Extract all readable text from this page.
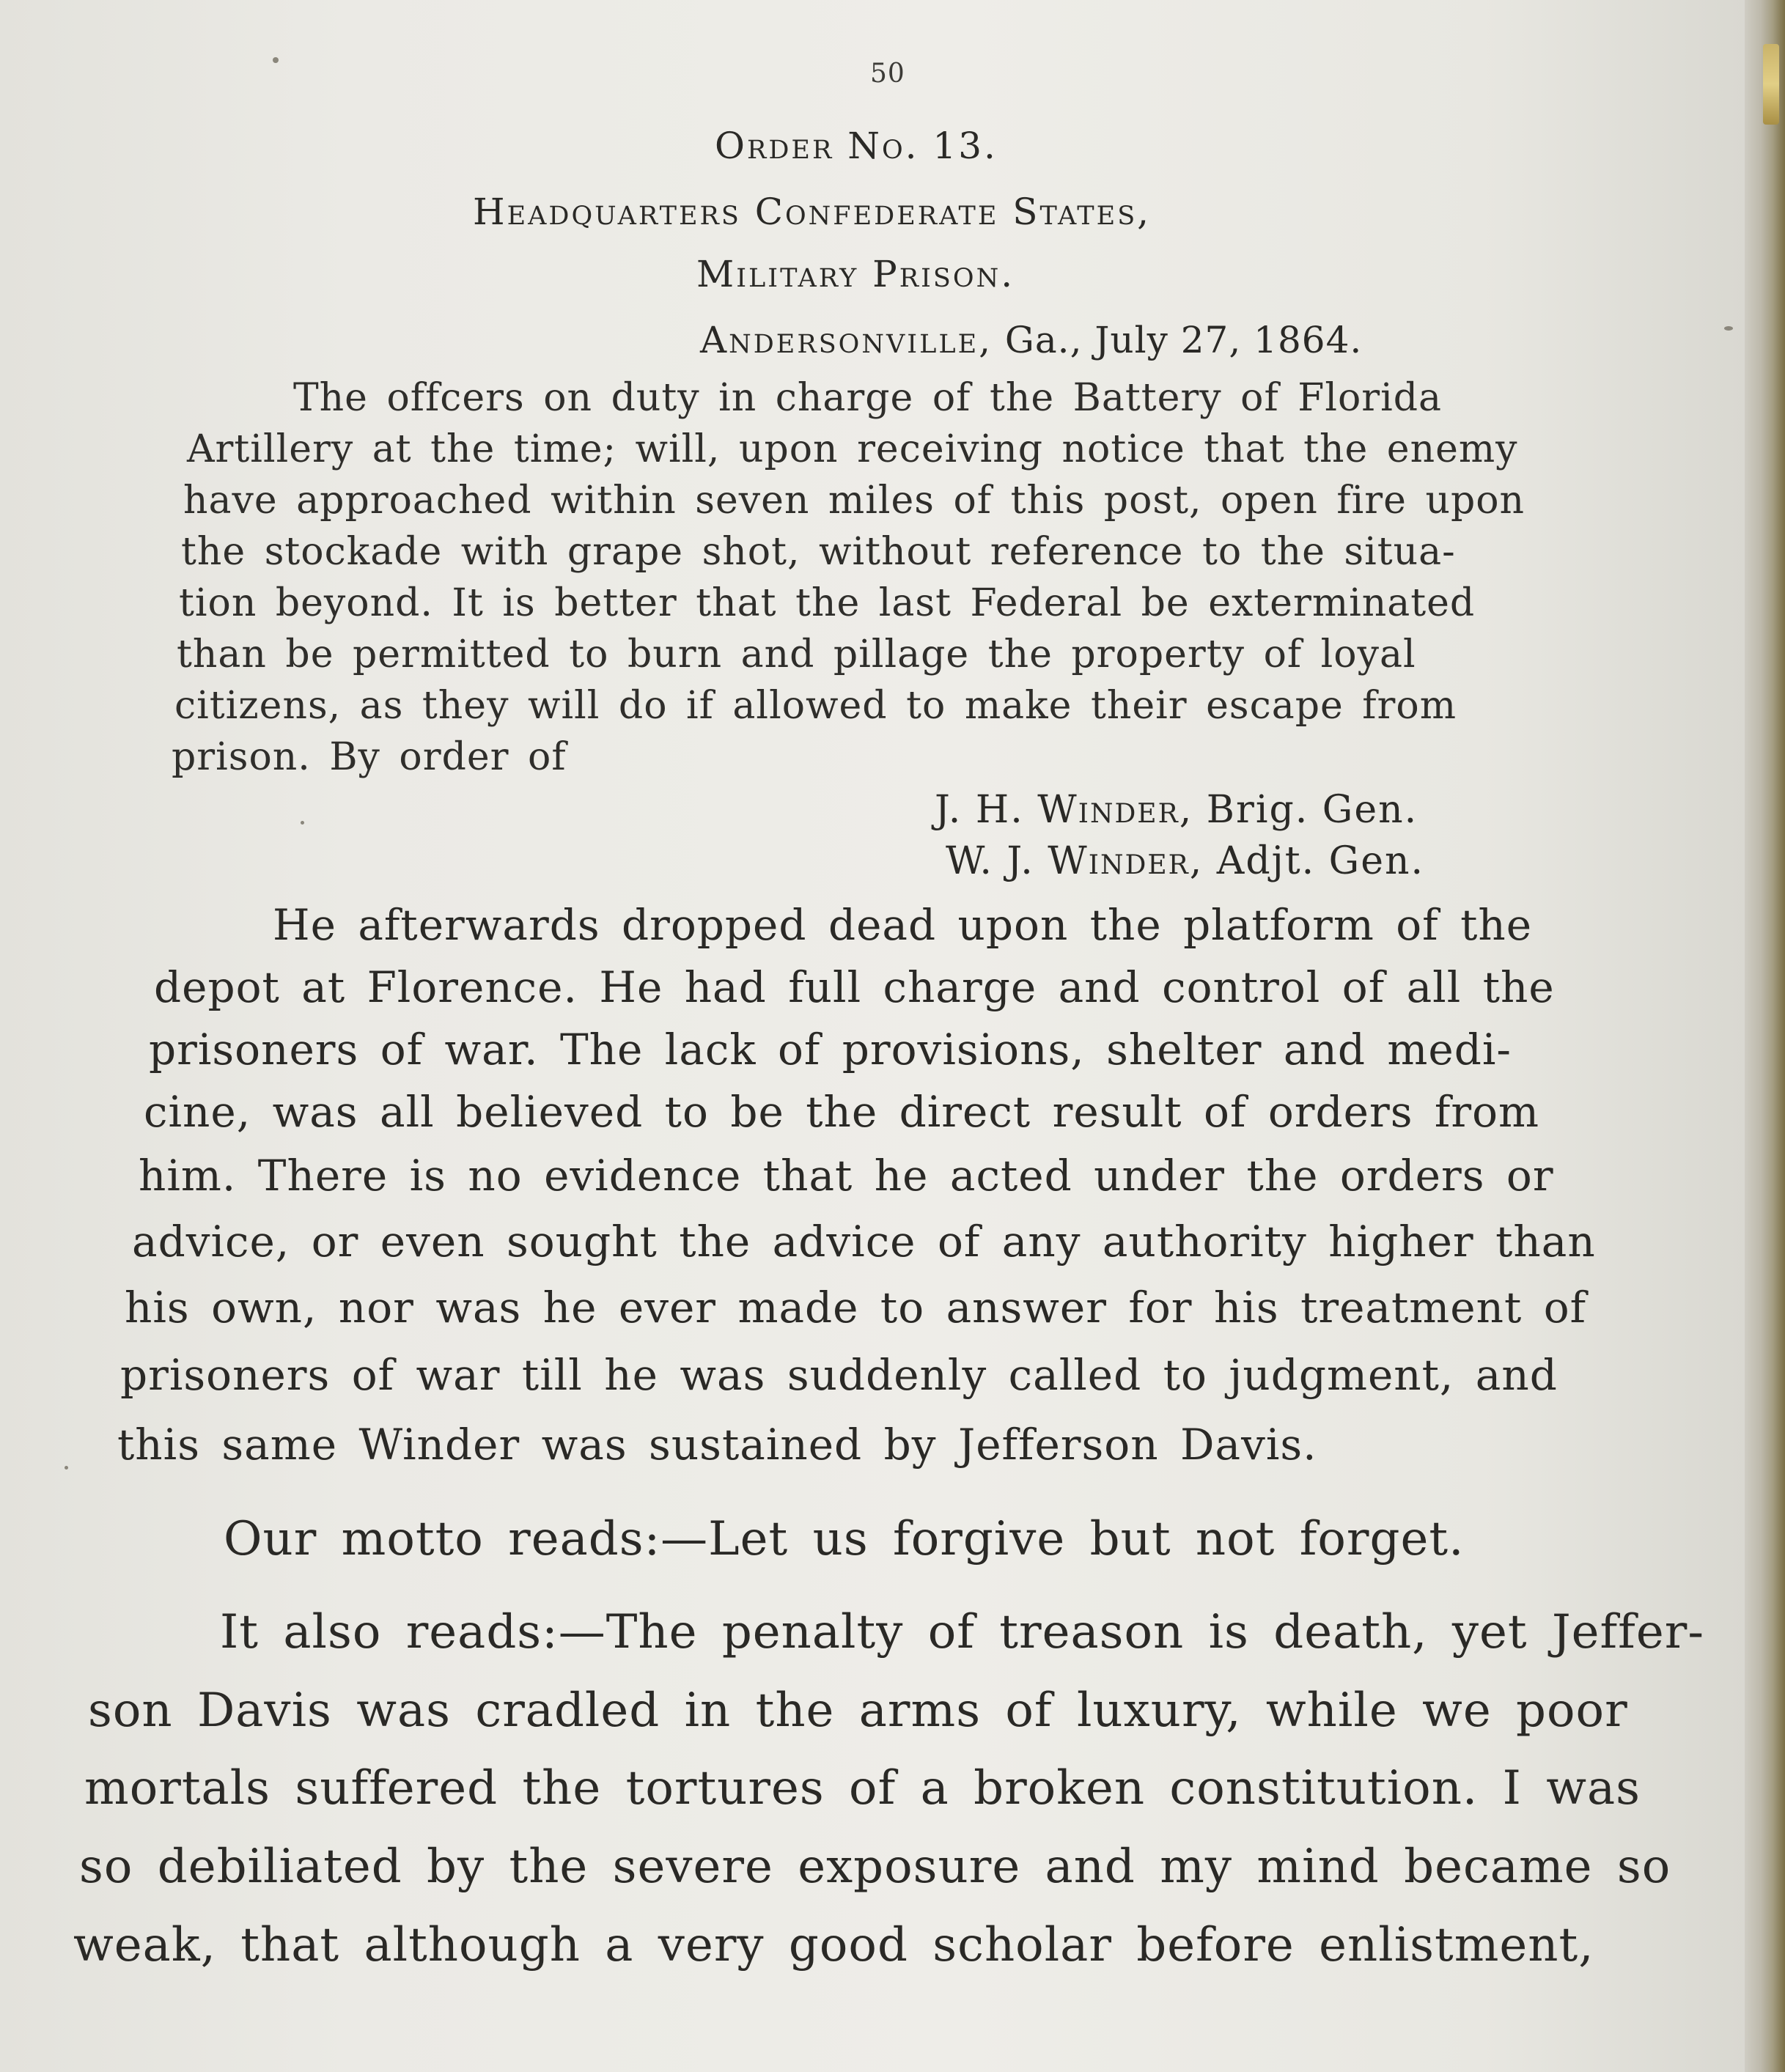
50
Order No. 13.
Headquarters Confederate States,
Military Prison.
Andersonville, Ga., July 27, 1864.
The offcers on duty in charge of the Battery of Florida
Artillery at the time; will, upon receiving notice that the enemy
have approached within seven miles of this post, open fire upon
the stockade with grape shot, without reference to the situa-
tion beyond. It is better that the last Federal be exterminated
than be permitted to burn and pillage the property of loyal
citizens, as they will do if allowed to make their escape from
prison. By order of
J. H. Winder, Brig. Gen.
W. J. Winder, Adjt. Gen.
He afterwards dropped dead upon the platform of the
depot at Florence. He had full charge and control of all the
prisoners of war. The lack of provisions, shelter and medi-
cine, was all believed to be the direct result of orders from
him. There is no evidence that he acted under the orders or
advice, or even sought the advice of any authority higher than
his own, nor was he ever made to answer for his treatment of
prisoners of war till he was suddenly called to judgment, and
this same Winder was sustained by Jefferson Davis.
Our motto reads:—Let us forgive but not forget.
It also reads:—The penalty of treason is death, yet Jeffer-
son Davis was cradled in the arms of luxury, while we poor
mortals suffered the tortures of a broken constitution. I was
so debiliated by the severe exposure and my mind became so
weak, that although a very good scholar before enlistment,
